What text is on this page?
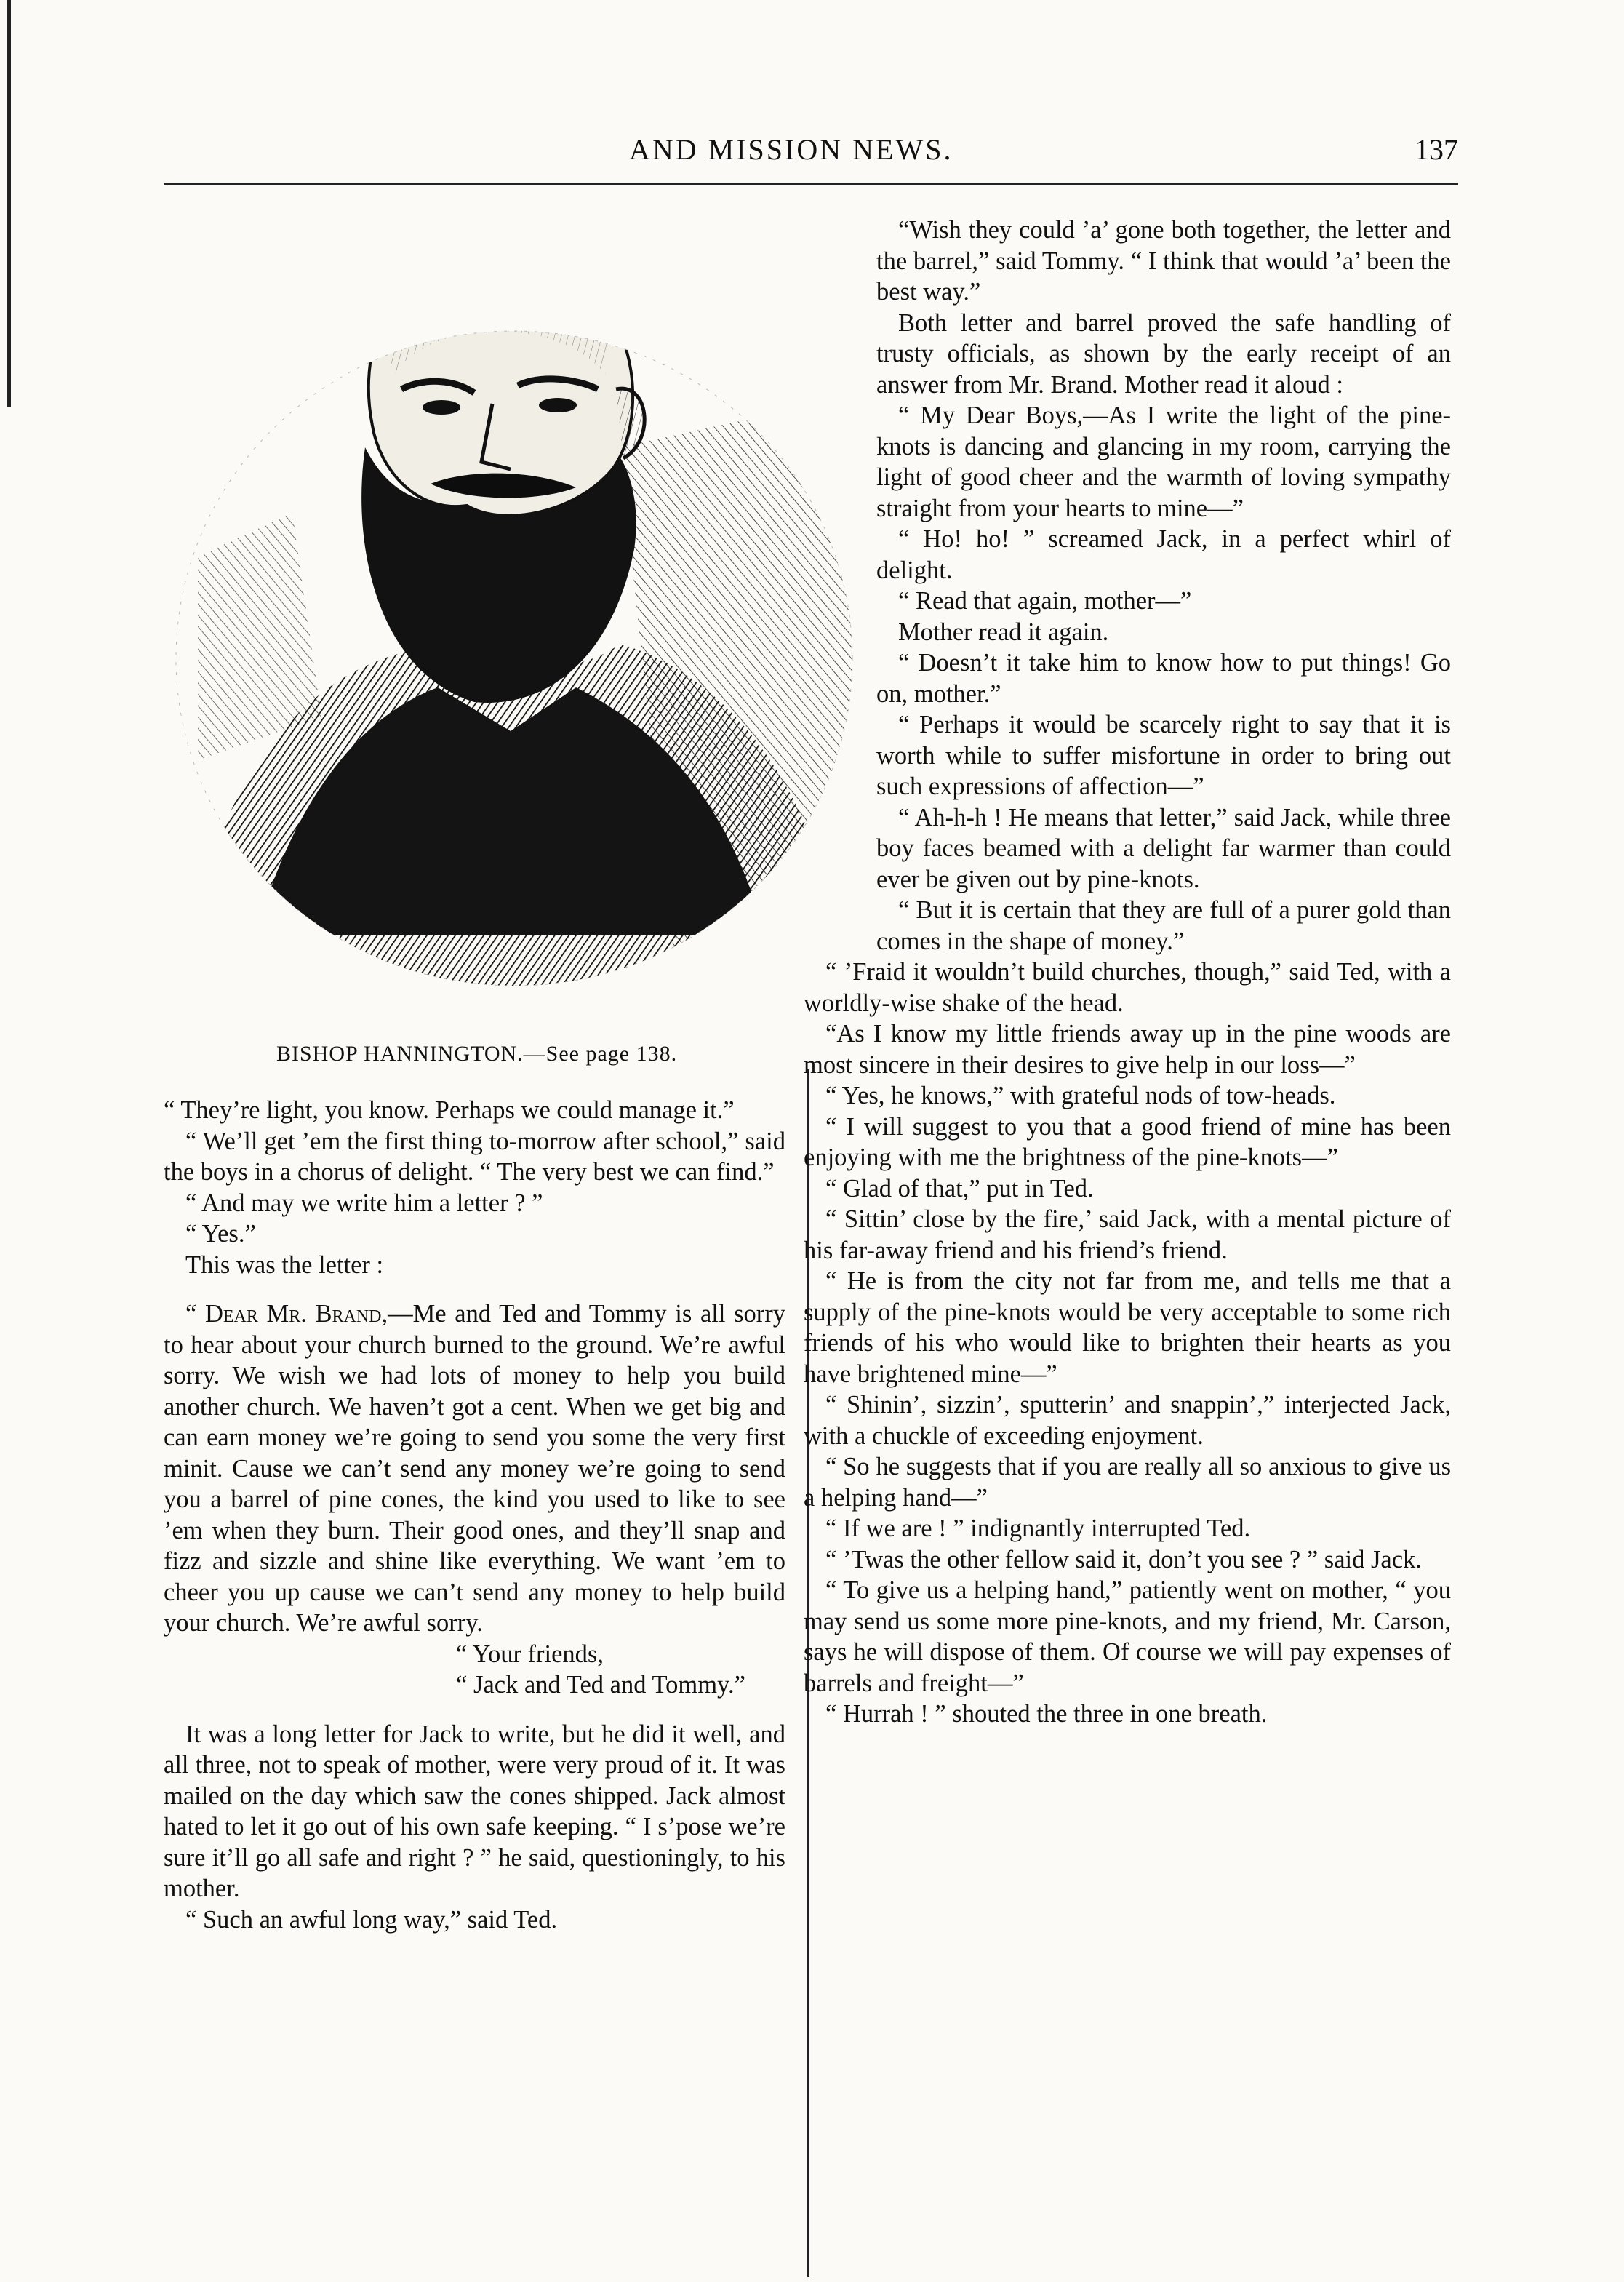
AND MISSION NEWS.	137
BISHOP HANNINGTON.—See page 138.

“ They’re light, you know. Perhaps we could manage it.”

“ We’ll get ’em the first thing to-morrow after school,” said the boys in a chorus of delight. “ The very best we can find.”

“ And may we write him a letter ? ”

“ Yes.”

This was the letter :

“ Dear Mr. Brand,—Me and Ted and Tommy is all sorry to hear about your church burned to the ground. We’re awful sorry. We wish we had lots of money to help you build another church. We haven’t got a cent. When we get big and can earn money we’re going to send you some the very first minit. Cause we can’t send any money we’re going to send you a barrel of pine cones, the kind you used to like to see ’em when they burn. Their good ones, and they’ll snap and fizz and sizzle and shine like everything. We want ’em to cheer you up cause we can’t send any money to help build your church. We’re awful sorry.

“ Your friends,

“ Jack and Ted and Tommy.”

It was a long letter for Jack to write, but he did it well, and all three, not to speak of mother, were very proud of it. It was mailed on the day which saw the cones shipped. Jack almost hated to let it go out of his own safe keeping. “ I s’pose we’re sure it’ll go all safe and right ? ” he said, questioningly, to his mother.

“ Such an awful long way,” said Ted.

“Wish they could ’a’ gone both together, the letter and the barrel,” said Tommy. “ I think that would ’a’ been the best way.”

Both letter and barrel proved the safe handling of trusty officials, as shown by the early receipt of an answer from Mr. Brand. Mother read it aloud :

“ My Dear Boys,—As I write the light of the pine-knots is dancing and glancing in my room, carrying the light of good cheer and the warmth of loving sympathy straight from your hearts to mine—”

“ Ho! ho! ” screamed Jack, in a perfect whirl of delight.

“ Read that again, mother—”

Mother read it again.

“ Doesn’t it take him to know how to put things! Go on, mother.”

“ Perhaps it would be scarcely right to say that it is worth while to suffer misfortune in order to bring out such expressions of affection—”

“ Ah-h-h ! He means that letter,” said Jack, while three boy faces beamed with a delight far warmer than could ever be given out by pine-knots.

“ But it is certain that they are full of a purer gold than comes in the shape of money.”

“ ’Fraid it wouldn’t build churches, though,” said Ted, with a worldly-wise shake of the head.

“As I know my little friends away up in the pine woods are most sincere in their desires to give help in our loss—”

“ Yes, he knows,” with grateful nods of tow-heads.

“ I will suggest to you that a good friend of mine has been enjoying with me the brightness of the pine-knots—”

“ Glad of that,” put in Ted.

“ Sittin’ close by the fire,’ said Jack, with a mental picture of his far-away friend and his friend’s friend.

“ He is from the city not far from me, and tells me that a supply of the pine-knots would be very acceptable to some rich friends of his who would like to brighten their hearts as you have brightened mine—”

“ Shinin’, sizzin’, sputterin’ and snappin’,” interjected Jack, with a chuckle of exceeding enjoyment.

“ So he suggests that if you are really all so anxious to give us a helping hand—”

“ If we are ! ” indignantly interrupted Ted.

“ ’Twas the other fellow said it, don’t you see ? ” said Jack.

“ To give us a helping hand,” patiently went on mother, “ you may send us some more pine-knots, and my friend, Mr. Carson, says he will dispose of them. Of course we will pay expenses of barrels and freight—”

“ Hurrah ! ” shouted the three in one breath.
